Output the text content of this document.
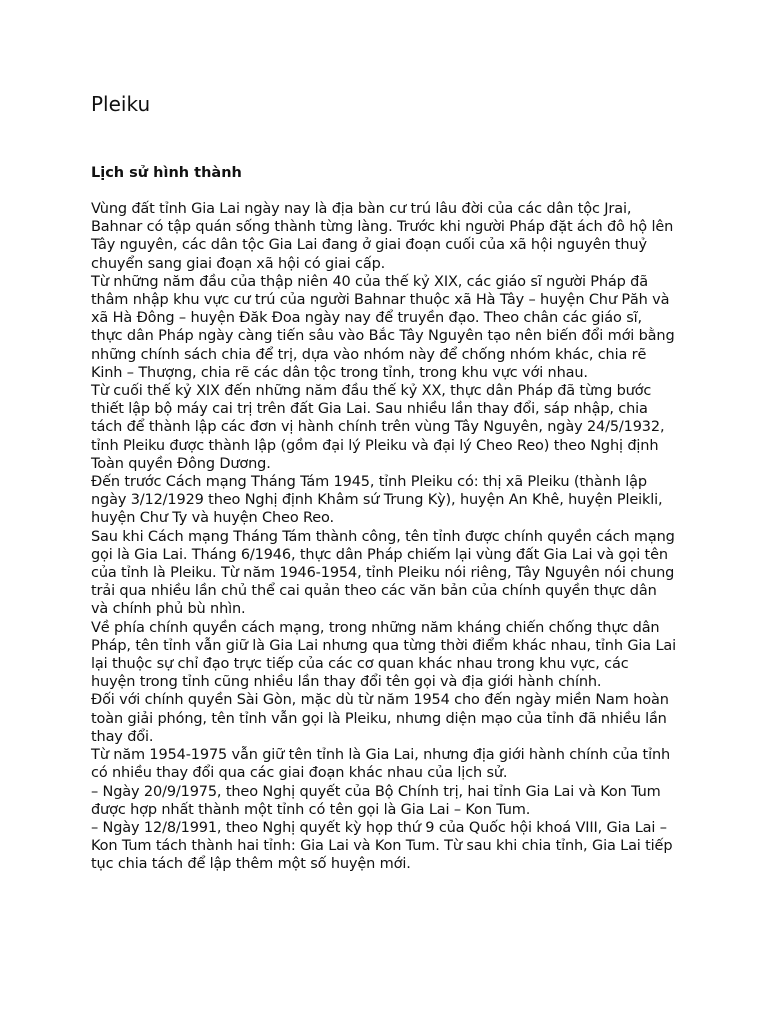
Pleiku
Lịch sử hình thành

Vùng đất tỉnh Gia Lai ngày nay là địa bàn cư trú lâu đời của các dân tộc Jrai, Bahnar có tập quán sống thành từng làng. Trước khi người Pháp đặt ách đô hộ lên Tây nguyên, các dân tộc Gia Lai đang ở giai đoạn cuối của xã hội nguyên thuỷ chuyển sang giai đoạn xã hội có giai cấp.

Từ những năm đầu của thập niên 40 của thế kỷ XIX, các giáo sĩ người Pháp đã thâm nhập khu vực cư trú của người Bahnar thuộc xã Hà Tây – huyện Chư Păh và xã Hà Đông – huyện Đăk Đoa ngày nay để truyền đạo. Theo chân các giáo sĩ, thực dân Pháp ngày càng tiến sâu vào Bắc Tây Nguyên tạo nên biến đổi mới bằng những chính sách chia để trị, dựa vào nhóm này để chống nhóm khác, chia rẽ Kinh – Thượng, chia rẽ các dân tộc trong tỉnh, trong khu vực với nhau.

Từ cuối thế kỷ XIX đến những năm đầu thế kỷ XX, thực dân Pháp đã từng bước thiết lập bộ máy cai trị trên đất Gia Lai. Sau nhiều lần thay đổi, sáp nhập, chia tách để thành lập các đơn vị hành chính trên vùng Tây Nguyên, ngày 24/5/1932, tỉnh Pleiku được thành lập (gồm đại lý Pleiku và đại lý Cheo Reo) theo Nghị định Toàn quyền Đông Dương.

Đến trước Cách mạng Tháng Tám 1945, tỉnh Pleiku có: thị xã Pleiku (thành lập ngày 3/12/1929 theo Nghị định Khâm sứ Trung Kỳ), huyện An Khê, huyện Pleikli, huyện Chư Ty và huyện Cheo Reo.

Sau khi Cách mạng Tháng Tám thành công, tên tỉnh được chính quyền cách mạng gọi là Gia Lai. Tháng 6/1946, thực dân Pháp chiếm lại vùng đất Gia Lai và gọi tên của tỉnh là Pleiku. Từ năm 1946-1954, tỉnh Pleiku nói riêng, Tây Nguyên nói chung trải qua nhiều lần chủ thể cai quản theo các văn bản của chính quyền thực dân và chính phủ bù nhìn.

Về phía chính quyền cách mạng, trong những năm kháng chiến chống thực dân Pháp, tên tỉnh vẫn giữ là Gia Lai nhưng qua từng thời điểm khác nhau, tỉnh Gia Lai lại thuộc sự chỉ đạo trực tiếp của các cơ quan khác nhau trong khu vực, các huyện trong tỉnh cũng nhiều lần thay đổi tên gọi và địa giới hành chính.

Đối với chính quyền Sài Gòn, mặc dù từ năm 1954 cho đến ngày miền Nam hoàn toàn giải phóng, tên tỉnh vẫn gọi là Pleiku, nhưng diện mạo của tỉnh đã nhiều lần thay đổi.

Từ năm 1954-1975 vẫn giữ tên tỉnh là Gia Lai, nhưng địa giới hành chính của tỉnh có nhiều thay đổi qua các giai đoạn khác nhau của lịch sử.

– Ngày 20/9/1975, theo Nghị quyết của Bộ Chính trị, hai tỉnh Gia Lai và Kon Tum được hợp nhất thành một tỉnh có tên gọi là Gia Lai – Kon Tum.

– Ngày 12/8/1991, theo Nghị quyết kỳ họp thứ 9 của Quốc hội khoá VIII, Gia Lai – Kon Tum tách thành hai tỉnh: Gia Lai và Kon Tum. Từ sau khi chia tỉnh, Gia Lai tiếp tục chia tách để lập thêm một số huyện mới.
